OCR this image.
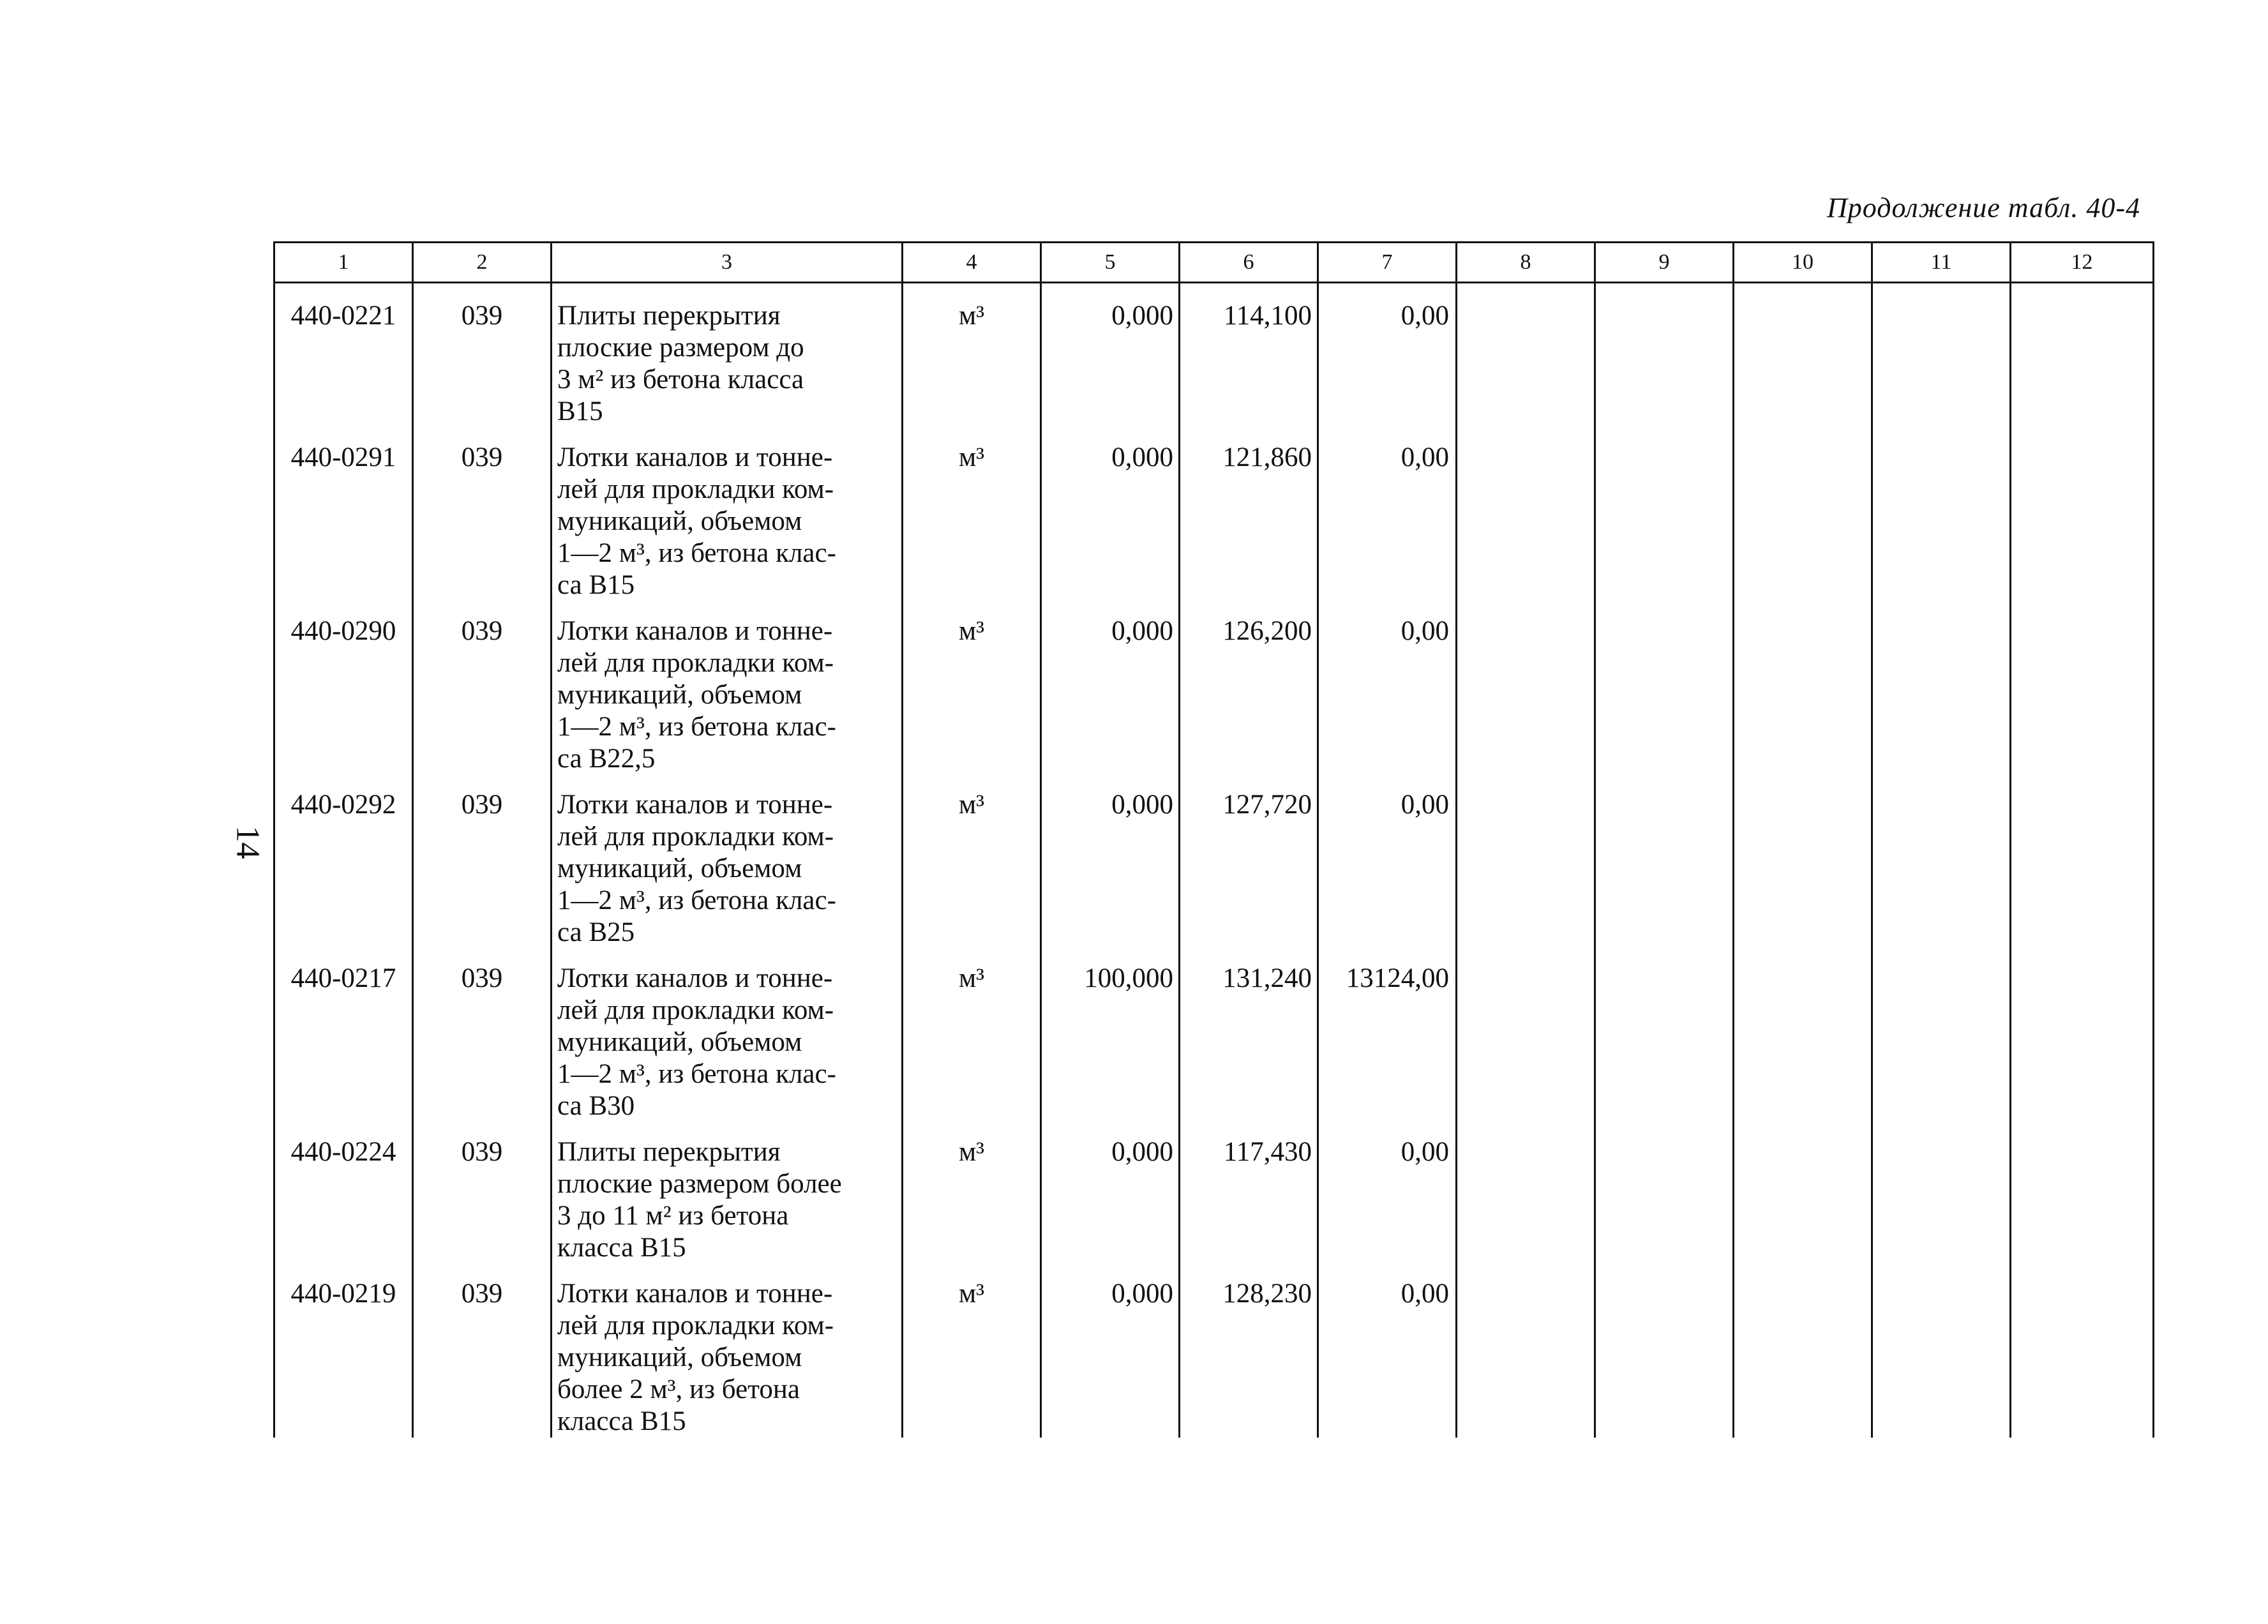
Продолжение табл. 40-4
14
1	2	3	4	5	6	7	8	9	10	11	12
440-0221	039	Плиты перекрытия
плоские размером до
3 м² из бетона класса
В15	м³	0,000	114,100	0,00					
440-0291	039	Лотки каналов и тонне-
лей для прокладки ком-
муникаций, объемом
1—2 м³, из бетона клас-
са В15	м³	0,000	121,860	0,00					
440-0290	039	Лотки каналов и тонне-
лей для прокладки ком-
муникаций, объемом
1—2 м³, из бетона клас-
са В22,5	м³	0,000	126,200	0,00					
440-0292	039	Лотки каналов и тонне-
лей для прокладки ком-
муникаций, объемом
1—2 м³, из бетона клас-
са В25	м³	0,000	127,720	0,00					
440-0217	039	Лотки каналов и тонне-
лей для прокладки ком-
муникаций, объемом
1—2 м³, из бетона клас-
са В30	м³	100,000	131,240	13124,00					
440-0224	039	Плиты перекрытия
плоские размером более
3 до 11 м² из бетона
класса В15	м³	0,000	117,430	0,00					
440-0219	039	Лотки каналов и тонне-
лей для прокладки ком-
муникаций, объемом
более 2 м³, из бетона
класса В15	м³	0,000	128,230	0,00					
